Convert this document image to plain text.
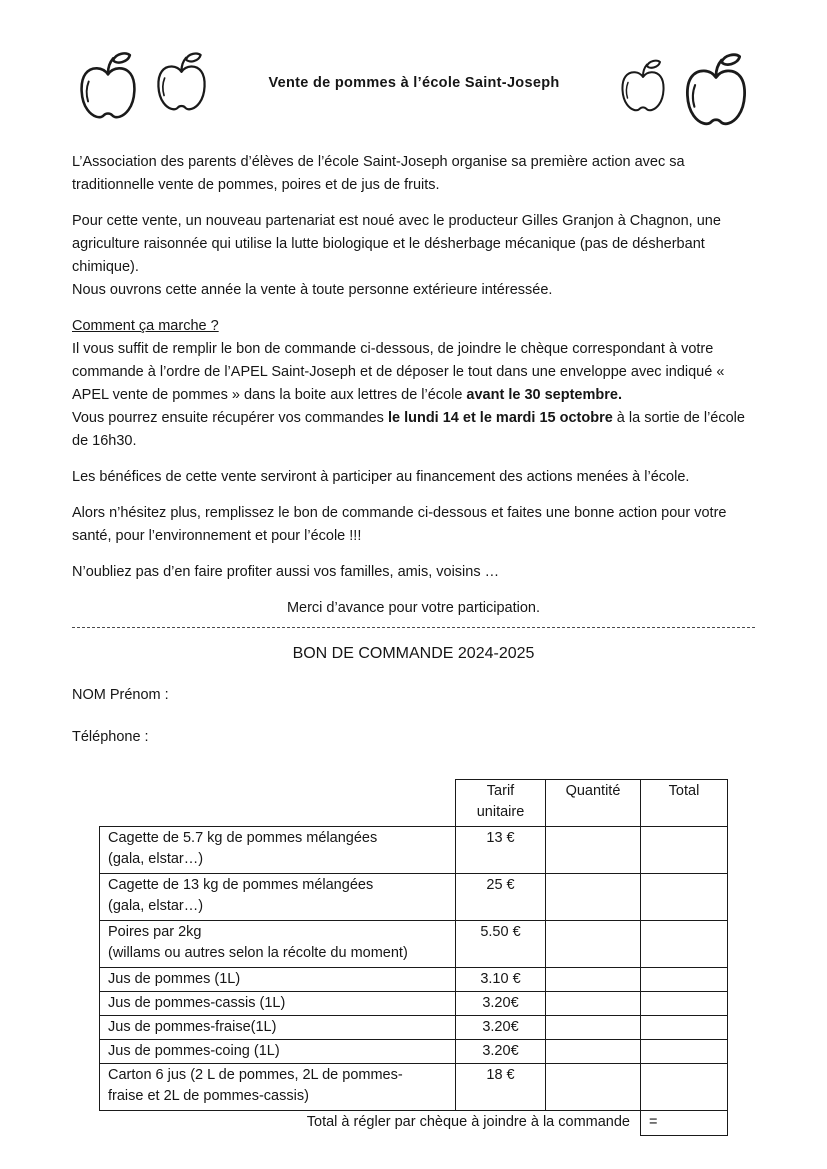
Vente de pommes à l’école Saint-Joseph

L’Association des parents d’élèves de l’école Saint-Joseph organise sa première action avec sa traditionnelle vente de pommes, poires et de jus de fruits.

Pour cette vente, un nouveau partenariat est noué avec le producteur Gilles Granjon à Chagnon, une agriculture raisonnée qui utilise la lutte biologique et le désherbage mécanique (pas de désherbant chimique).

Nous ouvrons cette année la vente à toute personne extérieure intéressée.

Comment ça marche ?

Il vous suffit de remplir le bon de commande ci-dessous, de joindre le chèque correspondant à votre commande à l’ordre de l’APEL Saint-Joseph et de déposer le tout dans une enveloppe avec indiqué « APEL vente de pommes » dans la boite aux lettres de l’école avant le 30 septembre.

Vous pourrez ensuite récupérer vos commandes le lundi 14 et le mardi 15 octobre à la sortie de l’école de 16h30.

Les bénéfices de cette vente serviront à participer au financement des actions menées à l’école.

Alors n’hésitez plus, remplissez le bon de commande ci-dessous et faites une bonne action pour votre santé, pour l’environnement et pour l’école !!!

N’oubliez pas d’en faire profiter aussi vos familles, amis, voisins …

Merci d’avance pour votre participation.

BON DE COMMANDE 2024-2025

NOM Prénom :

Téléphone :

	Tarif unitaire	Quantité	Total
Cagette de 5.7 kg de pommes mélangées
(gala, elstar…)	13 €		
Cagette de 13 kg de pommes mélangées
(gala, elstar…)	25 €		
Poires par 2kg
(willams ou autres selon la récolte du moment)	5.50 €		
Jus de pommes (1L)	3.10 €		
Jus de pommes-cassis (1L)	3.20€		
Jus de pommes-fraise(1L)	3.20€		
Jus de pommes-coing (1L)	3.20€		
Carton 6 jus (2 L de pommes, 2L de pommes-
fraise et 2L de pommes-cassis)	18 €		
Total à régler par chèque à joindre à la commande			=
